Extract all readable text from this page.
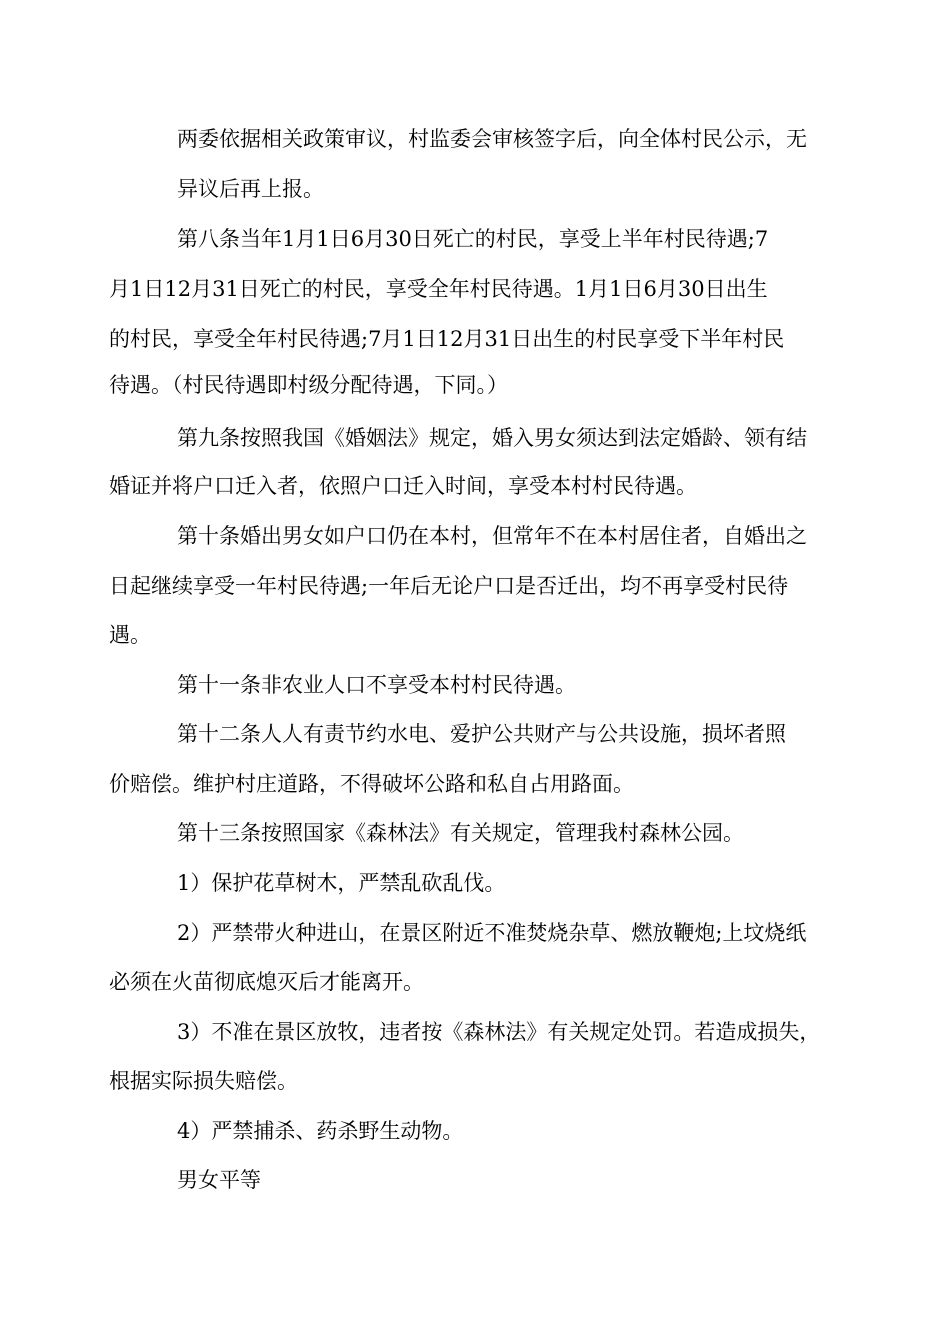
两委依据相关政策审议，村监委会审核签字后，向全体村民公示，无
异议后再上报。
第八条当年1月1日6月30日死亡的村民，享受上半年村民待遇;7
月1日12月31日死亡的村民，享受全年村民待遇。1月1日6月30日出生
的村民，享受全年村民待遇;7月1日12月31日出生的村民享受下半年村民
待遇。（村民待遇即村级分配待遇，下同。）
第九条按照我国《婚姻法》规定，婚入男女须达到法定婚龄、领有结
婚证并将户口迁入者，依照户口迁入时间，享受本村村民待遇。
第十条婚出男女如户口仍在本村，但常年不在本村居住者，自婚出之
日起继续享受一年村民待遇;一年后无论户口是否迁出，均不再享受村民待
遇。
第十一条非农业人口不享受本村村民待遇。
第十二条人人有责节约水电、爱护公共财产与公共设施，损坏者照
价赔偿。维护村庄道路，不得破坏公路和私自占用路面。
第十三条按照国家《森林法》有关规定，管理我村森林公园。
1）保护花草树木，严禁乱砍乱伐。
2）严禁带火种进山，在景区附近不准焚烧杂草、燃放鞭炮;上坟烧纸
必须在火苗彻底熄灭后才能离开。
3）不准在景区放牧，违者按《森林法》有关规定处罚。若造成损失，
根据实际损失赔偿。
4）严禁捕杀、药杀野生动物。
男女平等
